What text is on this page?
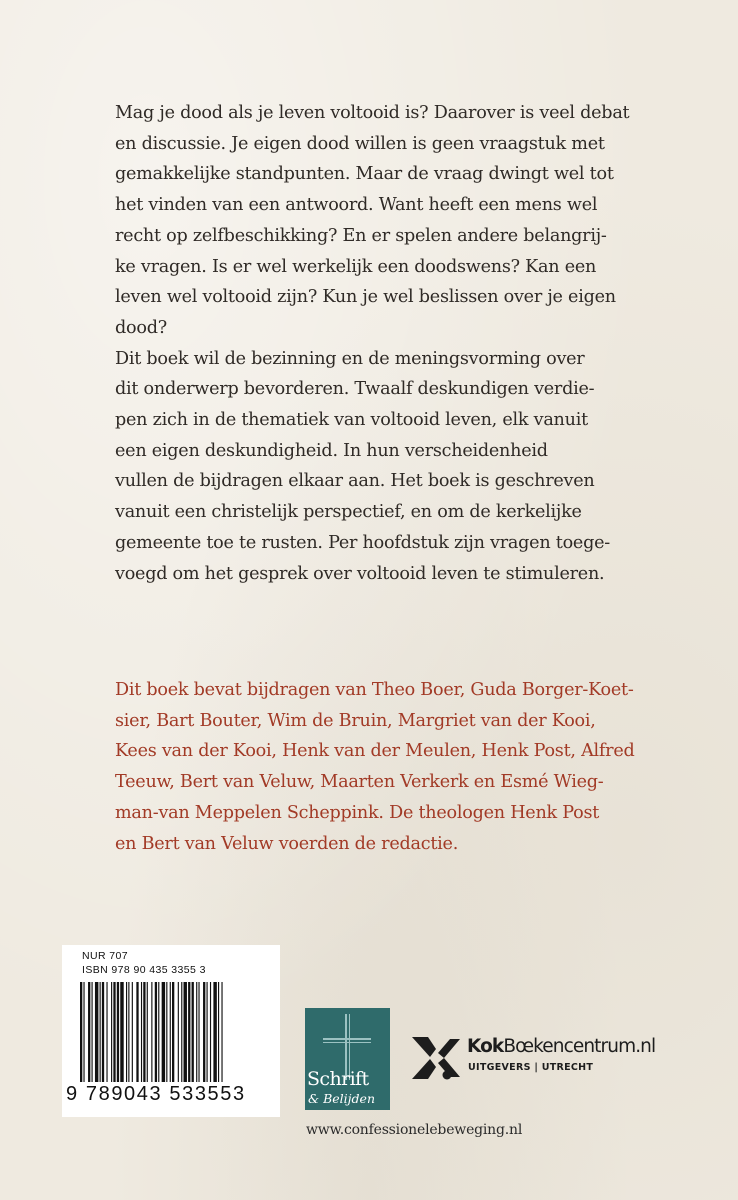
Mag je dood als je leven voltooid is? Daarover is veel debat
en discussie. Je eigen dood willen is geen vraagstuk met
gemakkelijke standpunten. Maar de vraag dwingt wel tot
het vinden van een antwoord. Want heeft een mens wel
recht op zelfbeschikking? En er spelen andere belangrij-
ke vragen. Is er wel werkelijk een doodswens? Kan een
leven wel voltooid zijn? Kun je wel beslissen over je eigen
dood?

Dit boek wil de bezinning en de meningsvorming over
dit onderwerp bevorderen. Twaalf deskundigen verdie-
pen zich in de thematiek van voltooid leven, elk vanuit
een eigen deskundigheid. In hun verscheidenheid
vullen de bijdragen elkaar aan. Het boek is geschreven
vanuit een christelijk perspectief, en om de kerkelijke
gemeente toe te rusten. Per hoofdstuk zijn vragen toege-
voegd om het gesprek over voltooid leven te stimuleren.

Dit boek bevat bijdragen van Theo Boer, Guda Borger-Koet-
sier, Bart Bouter, Wim de Bruin, Margriet van der Kooi,
Kees van der Kooi, Henk van der Meulen, Henk Post, Alfred
Teeuw, Bert van Veluw, Maarten Verkerk en Esmé Wieg-
man-van Meppelen Scheppink. De theologen Henk Post
en Bert van Veluw voerden de redactie.

NUR 707
ISBN 978 90 435 3355 3
9 789043 533553
Schrift
& Belijden
KokBœkencentrum.nl
UITGEVERS | UTRECHT
www.confessionelebeweging.nl
